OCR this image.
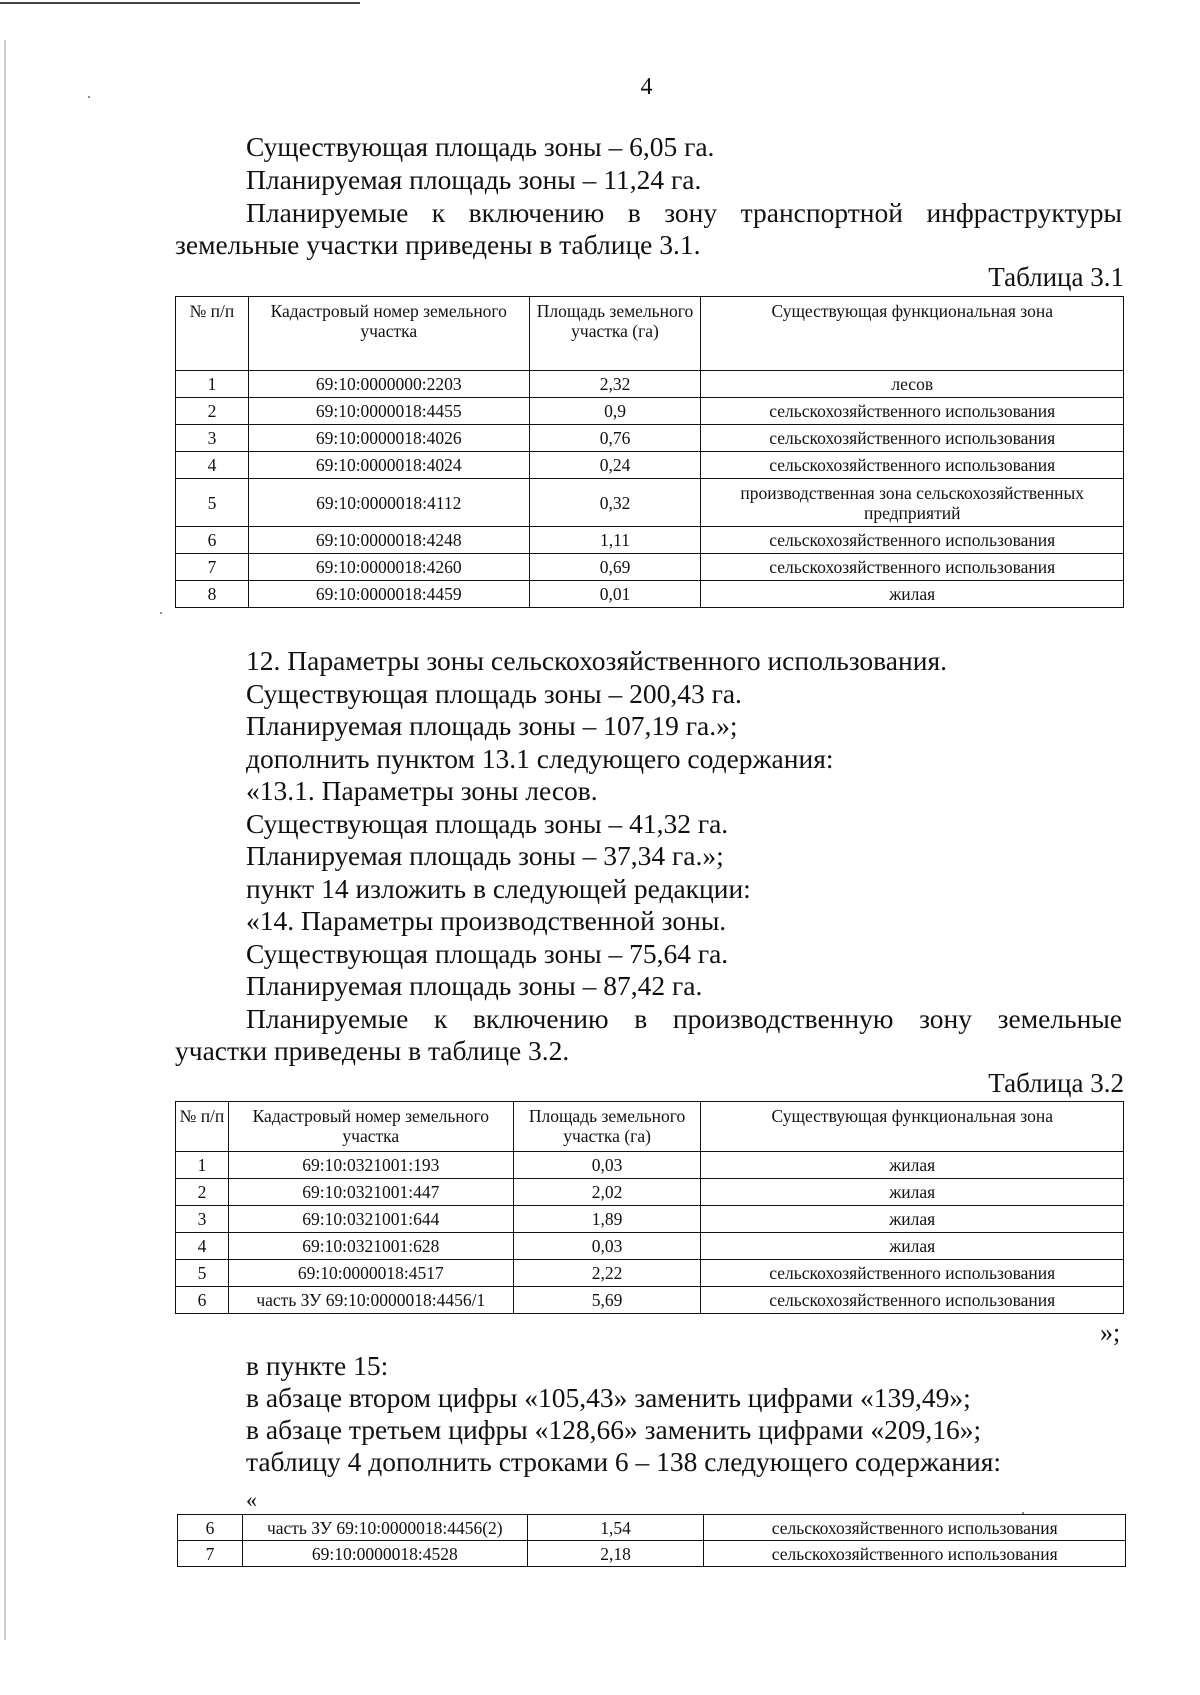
4
Существующая площадь зоны – 6,05 га.
Планируемая площадь зоны – 11,24 га.
Планируемые к включению в зону транспортной инфраструктуры
земельные участки приведены в таблице 3.1.
Таблица 3.1
№ п/п	Кадастровый номер земельного участка	Площадь земельного участка (га)	Существующая функциональная зона
1	69:10:0000000:2203	2,32	лесов
2	69:10:0000018:4455	0,9	сельскохозяйственного использования
3	69:10:0000018:4026	0,76	сельскохозяйственного использования
4	69:10:0000018:4024	0,24	сельскохозяйственного использования
5	69:10:0000018:4112	0,32	производственная зона сельскохозяйственных предприятий
6	69:10:0000018:4248	1,11	сельскохозяйственного использования
7	69:10:0000018:4260	0,69	сельскохозяйственного использования
8	69:10:0000018:4459	0,01	жилая
12. Параметры зоны сельскохозяйственного использования.
Существующая площадь зоны – 200,43 га.
Планируемая площадь зоны – 107,19 га.»;
дополнить пунктом 13.1 следующего содержания:
«13.1. Параметры зоны лесов.
Существующая площадь зоны – 41,32 га.
Планируемая площадь зоны – 37,34 га.»;
пункт 14 изложить в следующей редакции:
«14. Параметры производственной зоны.
Существующая площадь зоны – 75,64 га.
Планируемая площадь зоны – 87,42 га.
Планируемые к включению в производственную зону земельные
участки приведены в таблице 3.2.
Таблица 3.2
№ п/п	Кадастровый номер земельного участка	Площадь земельного участка (га)	Существующая функциональная зона
1	69:10:0321001:193	0,03	жилая
2	69:10:0321001:447	2,02	жилая
3	69:10:0321001:644	1,89	жилая
4	69:10:0321001:628	0,03	жилая
5	69:10:0000018:4517	2,22	сельскохозяйственного использования
6	часть ЗУ 69:10:0000018:4456/1	5,69	сельскохозяйственного использования
»;
в пункте 15:
в абзаце втором цифры «105,43» заменить цифрами «139,49»;
в абзаце третьем цифры «128,66» заменить цифрами «209,16»;
таблицу 4 дополнить строками 6 – 138 следующего содержания:
«
6	часть ЗУ 69:10:0000018:4456(2)	1,54	сельскохозяйственного использования
7	69:10:0000018:4528	2,18	сельскохозяйственного использования
